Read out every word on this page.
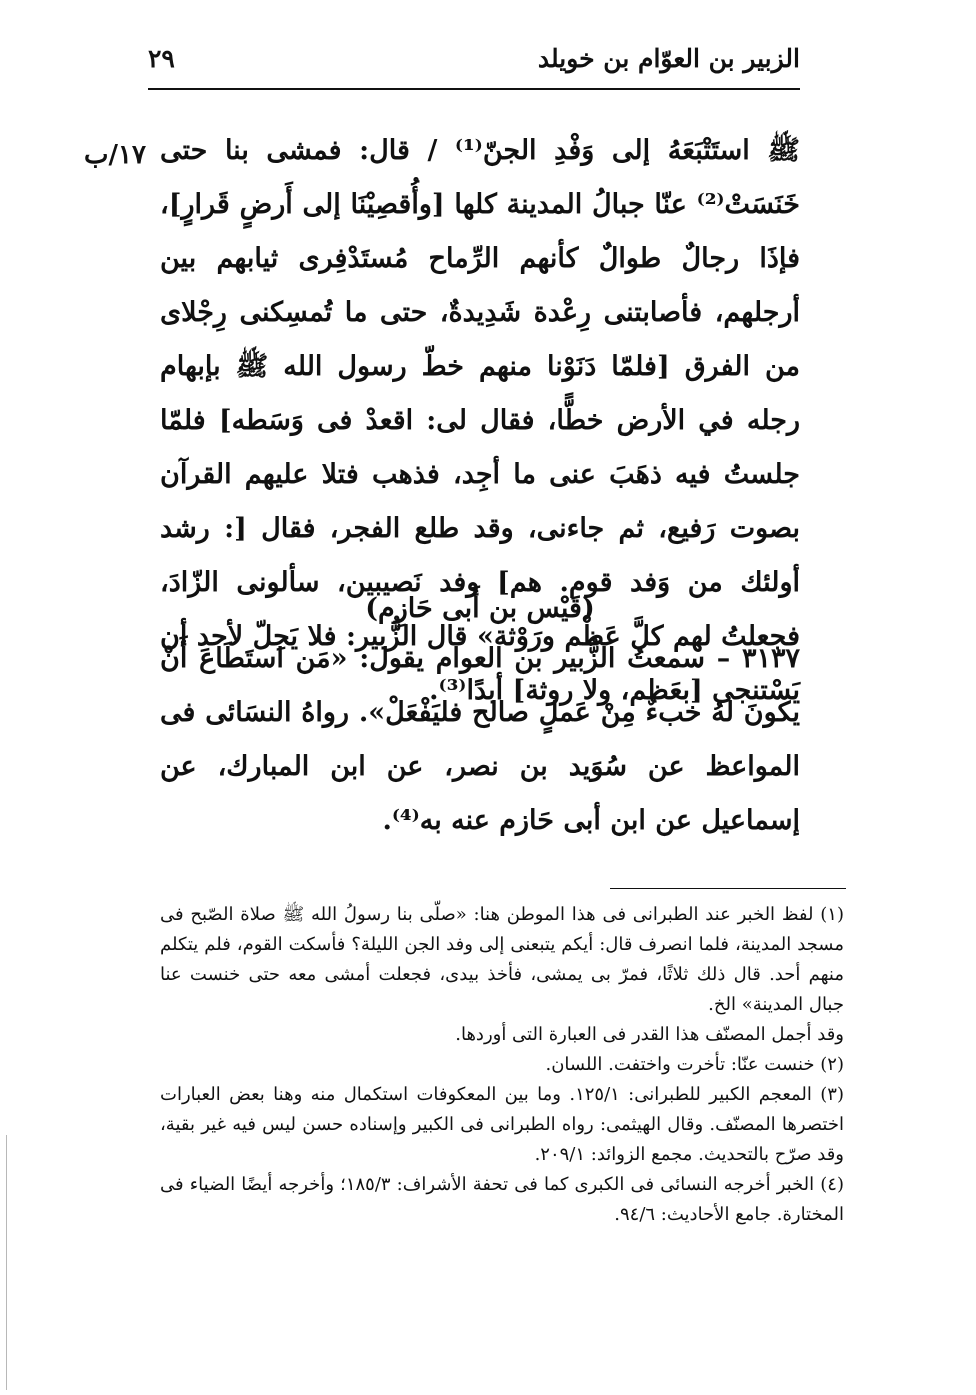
الزبير بن العوّام بن خويلد
٢٩
١٧/ب ﷺ استَتْبَعَهُ إلى وَفْدِ الجنّ⁽¹⁾ / قال: فمشى بنا حتى خَنَسَتْ⁽²⁾ عنّا جبالُ المدينة كلها [وأُقصِيْنَا إلى أَرضٍ قَرارٍ]، فإذَا رجالٌ طوالٌ كأنهم الرِّماح مُستَدْفِرى ثيابهم بين أرجلهم، فأصابتنى رِعْدة شَدِيدةٌ، حتى ما تُمسِكنى رِجْلاى من الفرق [فلمّا دَنَوْنا منهم خطّ رسول الله ﷺ بإبهام رجله في الأرض خطًّا، فقال لى: اقعدْ فى وَسَطه] فلمّا جلستُ فيه ذهَبَ عنى ما أجِد، فذهب فتلا عليهم القرآن بصوت رَفيع، ثم جاءنى، وقد طلع الفجر، فقال [: رشد أولئك من وَفد قوم. هم] وفد نَصيبين، سألونى الزّادَ، فجعلتُ لهم كلَّ عَظْم ورَوْثة» قال الزُّبير: فلا يَحِلّ لأحد أن يَسْتنجى [بعَظم، ولا روثة] أبدًا⁽³⁾.

(قَيْس بن أَبى حَازِم)

٣١٣٧ – سمعتُ الزُّبير بن العوام يقول: «مَن استَطَاعَ أَنْ يكونَ لهُ خبءٌ مِنْ عَملٍ صالح فليَفْعَلْ». رواهُ النسَائى فى المواعظ عن سُوَيد بن نصر، عن ابن المبارك، عن إسماعيل عن ابن أبى حَازم عنه به⁽⁴⁾.

(١) لفظ الخبر عند الطبرانى فى هذا الموطن هنا: «صلّى بنا رسولُ الله ﷺ صلاة الصّبح فى مسجد المدينة، فلما انصرف قال: أيكم يتبعنى إلى وفد الجن الليلة؟ فأسكت القوم، فلم يتكلم منهم أحد. قال ذلك ثلاثًا، فمرّ بى يمشى، فأخذ بيدى، فجعلت أمشى معه حتى خنست عنا جبال المدينة» الخ.

وقد أجمل المصنّف هذا القدر فى العبارة التى أوردها.

(٢) خنست عنّا: تأخرت واختفت. اللسان.

(٣) المعجم الكبير للطبرانى: ١٢٥/١. وما بين المعكوفات استكمال منه وهنا بعض العبارات اختصرها المصنّف. وقال الهيثمى: رواه الطبرانى فى الكبير وإسناده حسن ليس فيه غير بقية، وقد صرّح بالتحديث. مجمع الزوائد: ٢٠٩/١.

(٤) الخبر أخرجه النسائى فى الكبرى كما فى تحفة الأشراف: ١٨٥/٣؛ وأخرجه أيضًا الضياء فى المختارة. جامع الأحاديث: ٩٤/٦.
